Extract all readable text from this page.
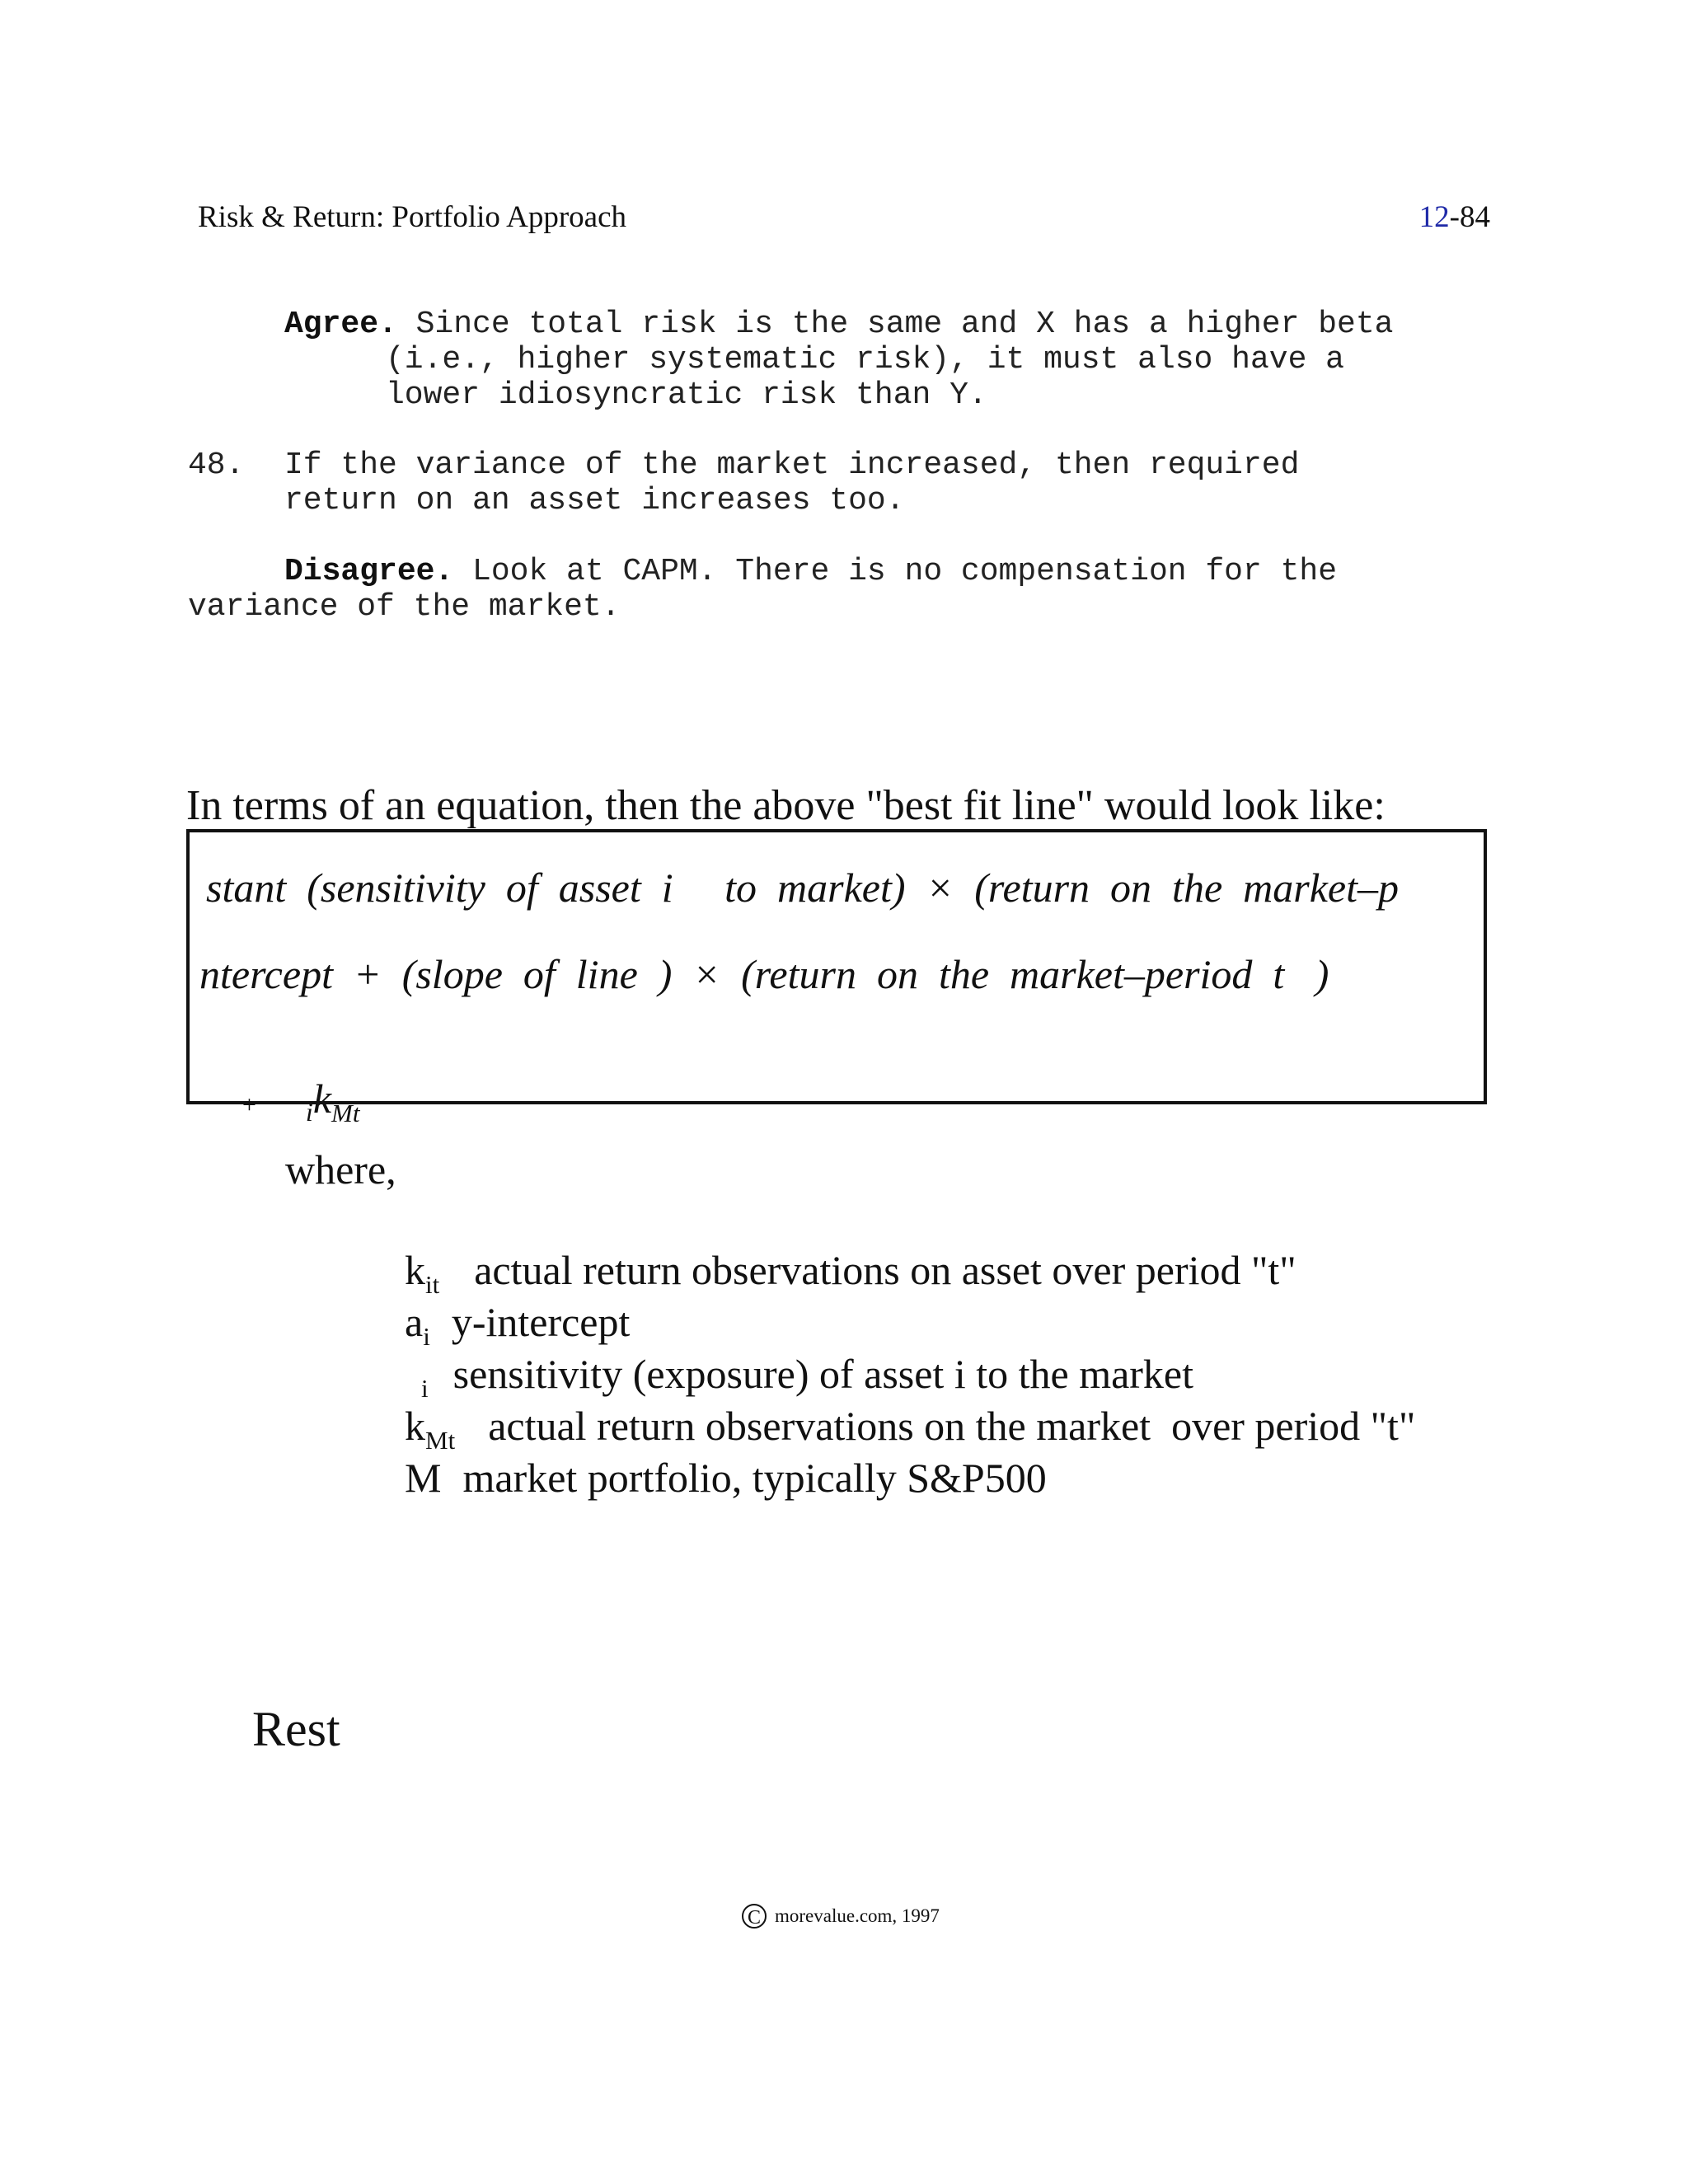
Risk & Return: Portfolio Approach	12-84
Agree. Since total risk is the same and X has a higher beta
(i.e., higher systematic risk), it must also have a
lower idiosyncratic risk than Y.
48. If the variance of the market increased, then required
return on an asset increases too.
Disagree. Look at CAPM. There is no compensation for the
variance of the market.
In terms of an equation, then the above "best fit line" would look like:
stant  (sensitivity  of  asset  i     to  market)  ×  (return  on  the  market–p
ntercept  +  (slope  of  line  )  ×  (return  on  the  market–period  t   )

+ $_ik_{Mt}$

where,

$k_{it}$ actual return observations on asset over period "t"

$a_i$ y-intercept

$_i$ sensitivity (exposure) of asset i to the market

$k_{Mt}$ actual return observations on the market  over period "t"

M market portfolio, typically S&P500

Rest
C morevalue.com, 1997
